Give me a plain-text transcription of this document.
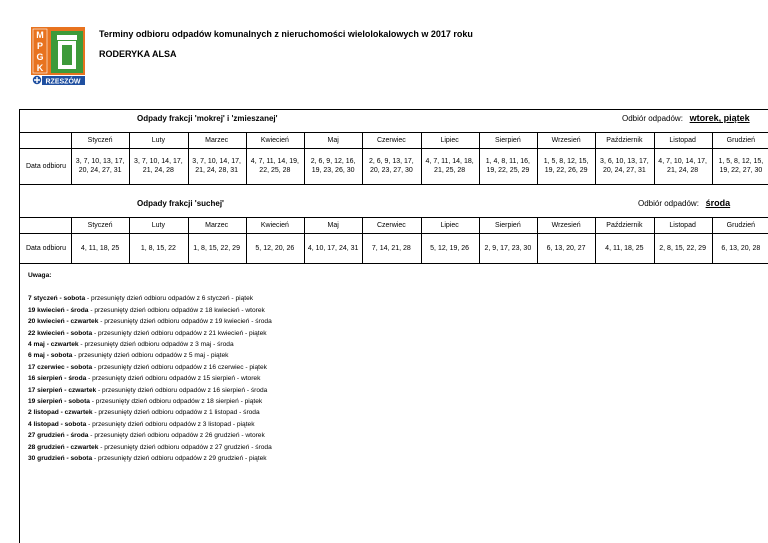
M
P
G
K
RZESZÓW
Terminy odbioru odpadów komunalnych z nieruchomości wielolokalowych w 2017 roku
RODERYKA ALSA
Odpady frakcji 'mokrej' i 'zmieszanej'	Odbiór odpadów: wtorek, piątek
Odpady frakcji 'suchej'	Odbiór odpadów: środa
Data odbioru
Data odbioru
Uwaga:
7 styczeń - sobota - przesunięty dzień odbioru odpadów z 6 styczeń - piątek
19 kwiecień - środa - przesunięty dzień odbioru odpadów z 18 kwiecień - wtorek
20 kwiecień - czwartek - przesunięty dzień odbioru odpadów z 19 kwiecień - środa
22 kwiecień - sobota - przesunięty dzień odbioru odpadów z 21 kwiecień - piątek
4 maj - czwartek - przesunięty dzień odbioru odpadów z 3 maj - środa
6 maj - sobota - przesunięty dzień odbioru odpadów z 5 maj - piątek
17 czerwiec - sobota - przesunięty dzień odbioru odpadów z 16 czerwiec - piątek
16 sierpień - środa - przesunięty dzień odbioru odpadów z 15 sierpień - wtorek
17 sierpień - czwartek - przesunięty dzień odbioru odpadów z 16 sierpień - środa
19 sierpień - sobota - przesunięty dzień odbioru odpadów z 18 sierpień - piątek
2 listopad - czwartek - przesunięty dzień odbioru odpadów z 1 listopad - środa
4 listopad - sobota - przesunięty dzień odbioru odpadów z 3 listopad - piątek
27 grudzień - środa - przesunięty dzień odbioru odpadów z 26 grudzień - wtorek
28 grudzień - czwartek - przesunięty dzień odbioru odpadów z 27 grudzień - środa
30 grudzień - sobota - przesunięty dzień odbioru odpadów z 29 grudzień - piątek
Styczeń
3, 7, 10, 13, 17, 20, 24, 27, 31
Luty
3, 7, 10, 14, 17, 21, 24, 28
Marzec
3, 7, 10, 14, 17, 21, 24, 28, 31
Kwiecień
4, 7, 11, 14, 19, 22, 25, 28
Maj
2, 6, 9, 12, 16, 19, 23, 26, 30
Czerwiec
2, 6, 9, 13, 17, 20, 23, 27, 30
Lipiec
4, 7, 11, 14, 18, 21, 25, 28
Sierpień
1, 4, 8, 11, 16, 19, 22, 25, 29
Wrzesień
1, 5, 8, 12, 15, 19, 22, 26, 29
Październik
3, 6, 10, 13, 17, 20, 24, 27, 31
Listopad
4, 7, 10, 14, 17, 21, 24, 28
Grudzień
1, 5, 8, 12, 15, 19, 22, 27, 30
Styczeń
4, 11, 18, 25
Luty
1, 8, 15, 22
Marzec
1, 8, 15, 22, 29
Kwiecień
5, 12, 20, 26
Maj
4, 10, 17, 24, 31
Czerwiec
7, 14, 21, 28
Lipiec
5, 12, 19, 26
Sierpień
2, 9, 17, 23, 30
Wrzesień
6, 13, 20, 27
Październik
4, 11, 18, 25
Listopad
2, 8, 15, 22, 29
Grudzień
6, 13, 20, 28
